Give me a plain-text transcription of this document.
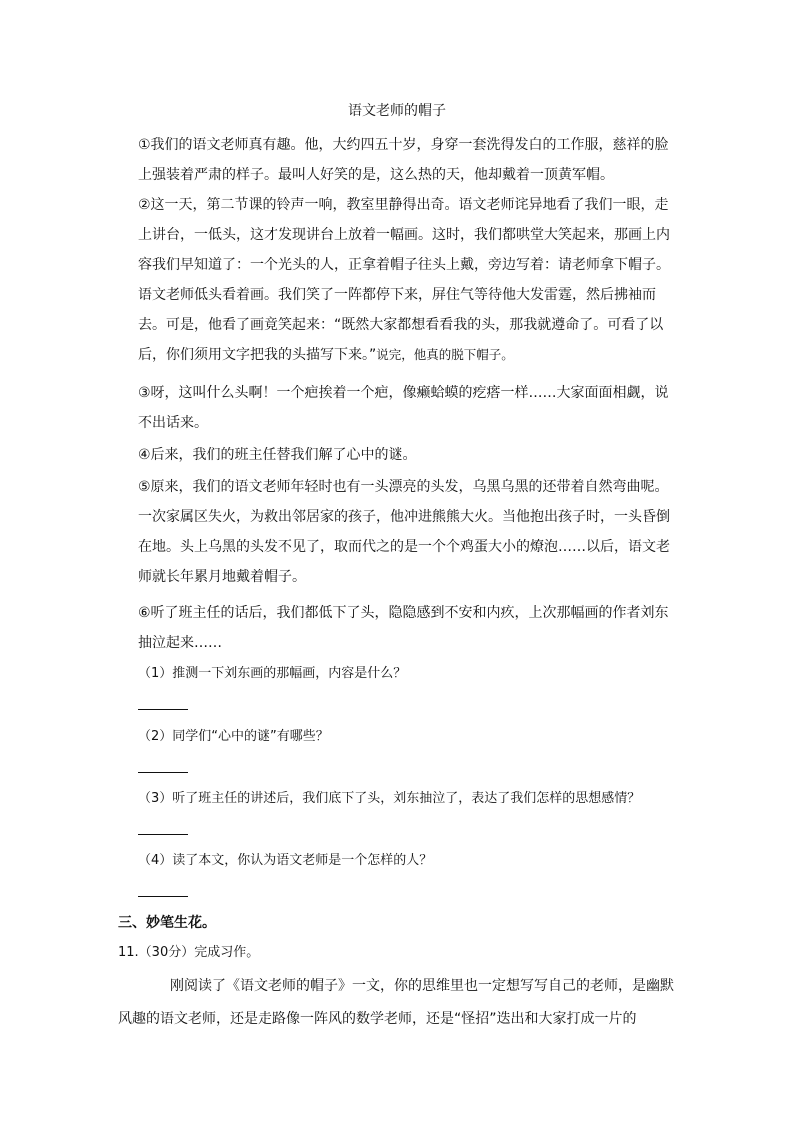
语文老师的帽子

①我们的语文老师真有趣。他，大约四五十岁，身穿一套洗得发白的工作服，慈祥的脸上强装着严肃的样子。最叫人好笑的是，这么热的天，他却戴着一顶黄军帽。

②这一天，第二节课的铃声一响，教室里静得出奇。语文老师诧异地看了我们一眼，走上讲台，一低头，这才发现讲台上放着一幅画。这时，我们都哄堂大笑起来，那画上内容我们早知道了：一个光头的人，正拿着帽子往头上戴，旁边写着：请老师拿下帽子。语文老师低头看着画。我们笑了一阵都停下来，屏住气等待他大发雷霆，然后拂袖而去。可是，他看了画竟笑起来：“既然大家都想看看我的头，那我就遵命了。可看了以后，你们须用文字把我的头描写下来。”说完，他真的脱下帽子。

③呀，这叫什么头啊！一个疤挨着一个疤，像癞蛤蟆的疙瘩一样……大家面面相觑，说不出话来。

④后来，我们的班主任替我们解了心中的谜。

⑤原来，我们的语文老师年轻时也有一头漂亮的头发，乌黑乌黑的还带着自然弯曲呢。一次家属区失火，为救出邻居家的孩子，他冲进熊熊大火。当他抱出孩子时，一头昏倒在地。头上乌黑的头发不见了，取而代之的是一个个鸡蛋大小的燎泡……以后，语文老师就长年累月地戴着帽子。

⑥听了班主任的话后，我们都低下了头，隐隐感到不安和内疚，上次那幅画的作者刘东抽泣起来……

（1）推测一下刘东画的那幅画，内容是什么？

（2）同学们“心中的谜”有哪些？

（3）听了班主任的讲述后，我们底下了头，刘东抽泣了，表达了我们怎样的思想感情？

（4）读了本文，你认为语文老师是一个怎样的人？

三、妙笔生花。
11.（30分）完成习作。

刚阅读了《语文老师的帽子》一文，你的思维里也一定想写写自己的老师，是幽默风趣的语文老师，还是走路像一阵风的数学老师，还是“怪招”迭出和大家打成一片的
